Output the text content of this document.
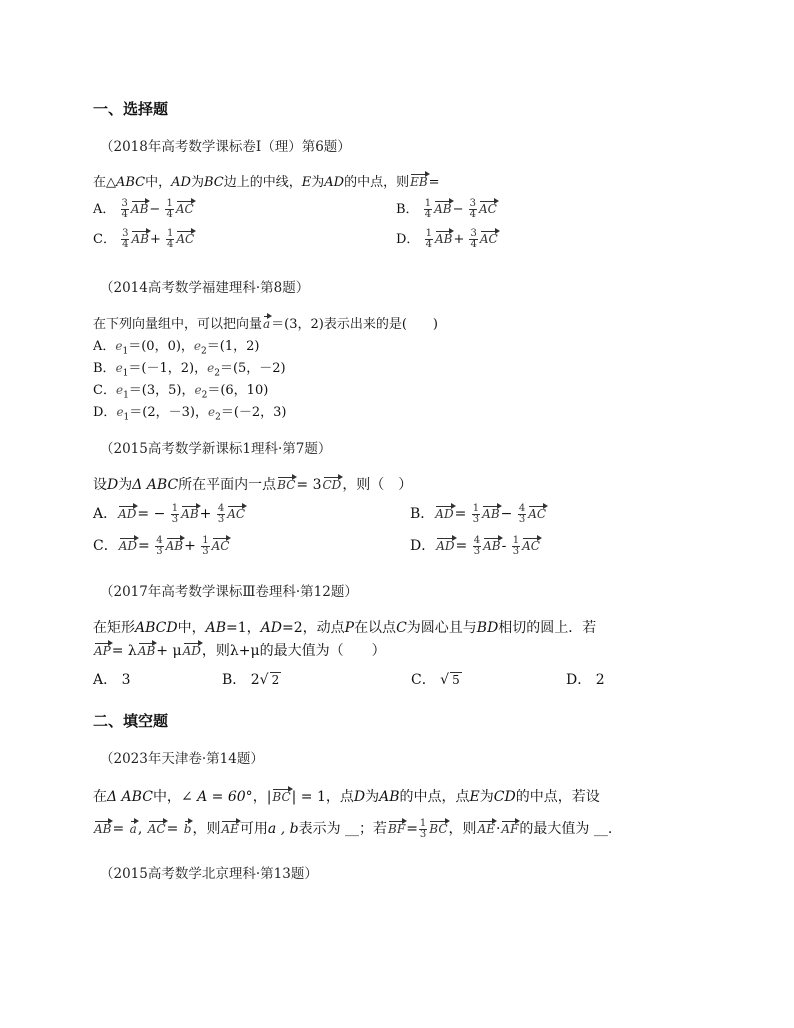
一、选择题
（2018年高考数学课标卷Ⅰ（理）第6题）
在△ABC中，AD为BC边上的中线，E为AD的中点，则EB=
A． $\frac{3}{4} AB- \frac{1}{4}$ AC	B． $\frac{1}{4} AB- \frac{3}{4}$ AC
C． $\frac{3}{4} AB+ \frac{1}{4}$ AC	D． $\frac{1}{4} AB+ \frac{3}{4}$ AC
（2014高考数学福建理科·第8题）
在下列向量组中，可以把向量a＝(3，2)表示出来的是(　　)
A．$e_1=(0$，0)，$e_2=(1$，2)
B．$e_1=(-1$，2)，$e_2=(5$，－2)
C．$e_1=(3$，5)，$e_2=(6$，10)
D．$e_1=(2$，－3)，$e_2=(-2$，3)
（2015高考数学新课标1理科·第7题）
设D为Δ ABC所在平面内一点BC= 3CD，则（　）
A．$AD= - \frac{1}{3} AB+ \frac{4}{3}$ AC	B．$AD= \frac{1}{3} AB- \frac{4}{3}$ AC
C．$AD= \frac{4}{3} AB+ \frac{1}{3}$ AC	D．$AD= \frac{4}{3} AB- \frac{1}{3}$ AC
（2017年高考数学课标Ⅲ卷理科·第12题）
在矩形ABCD中，AB=1，AD=2，动点P在以点C为圆心且与BD相切的圆上．若
AP= λAB+ μAD，则λ+μ的最大值为（　　）
A． 3	B． 2√ 2	C． √ 5	D． 2
二、填空题
（2023年天津卷·第14题）
在Δ ABC中，∠ A = 60°，|BC| = 1，点D为AB的中点，点E为CD的中点，若设
AB= a, AC= b，则AE可用a , b表示为 __；若$BF= \frac{1}{3}$ BC，则AE·AF的最大值为 __.
（2015高考数学北京理科·第13题）
